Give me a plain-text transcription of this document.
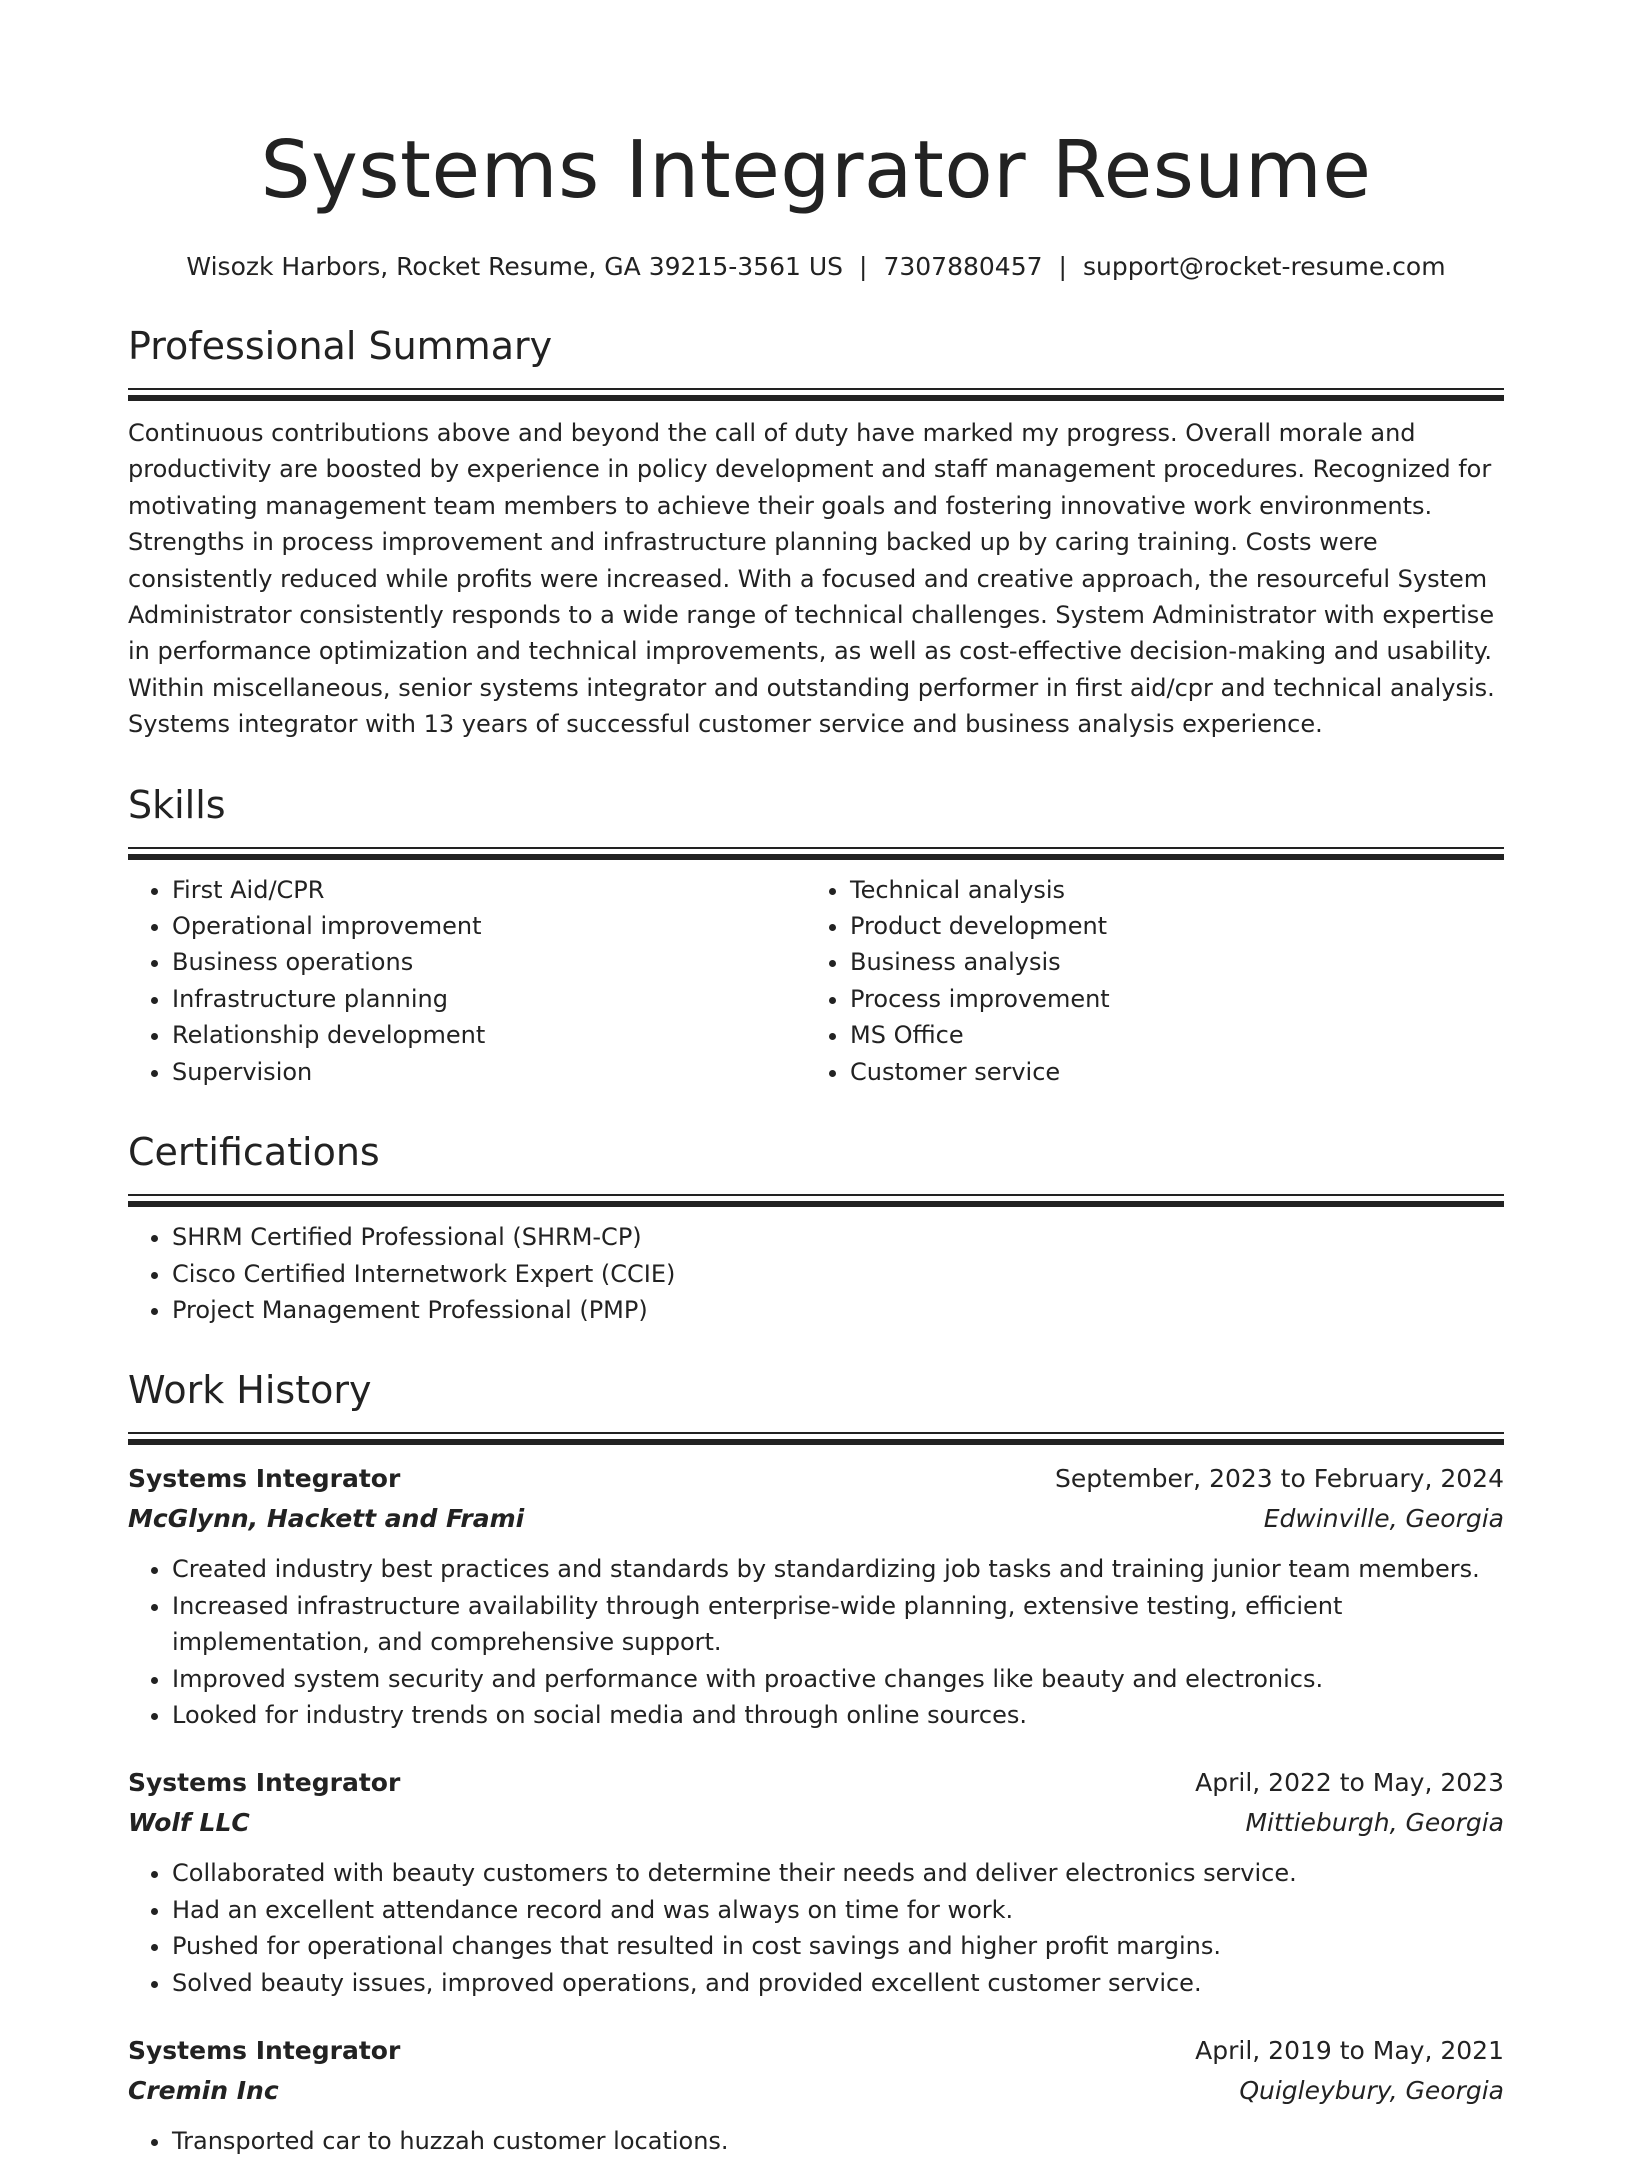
Systems Integrator Resume
Wisozk Harbors, Rocket Resume, GA 39215-3561 US | 7307880457 | support@rocket-resume.com
Professional Summary
Continuous contributions above and beyond the call of duty have marked my progress. Overall morale and productivity are boosted by experience in policy development and staff management procedures. Recognized for motivating management team members to achieve their goals and fostering innovative work environments. Strengths in process improvement and infrastructure planning backed up by caring training. Costs were consistently reduced while profits were increased. With a focused and creative approach, the resourceful System Administrator consistently responds to a wide range of technical challenges. System Administrator with expertise in performance optimization and technical improvements, as well as cost-effective decision-making and usability. Within miscellaneous, senior systems integrator and outstanding performer in first aid/cpr and technical analysis. Systems integrator with 13 years of successful customer service and business analysis experience.
Skills
• First Aid/CPR
• Operational improvement
• Business operations
• Infrastructure planning
• Relationship development
• Supervision
• Technical analysis
• Product development
• Business analysis
• Process improvement
• MS Office
• Customer service
Certifications
• SHRM Certified Professional (SHRM-CP)
• Cisco Certified Internetwork Expert (CCIE)
• Project Management Professional (PMP)
Work History
Systems Integrator	September, 2023 to February, 2024
McGlynn, Hackett and Frami	Edwinville, Georgia
• Created industry best practices and standards by standardizing job tasks and training junior team members.
• Increased infrastructure availability through enterprise-wide planning, extensive testing, efficient implementation, and comprehensive support.
• Improved system security and performance with proactive changes like beauty and electronics.
• Looked for industry trends on social media and through online sources.
Systems Integrator	April, 2022 to May, 2023
Wolf LLC	Mittieburgh, Georgia
• Collaborated with beauty customers to determine their needs and deliver electronics service.
• Had an excellent attendance record and was always on time for work.
• Pushed for operational changes that resulted in cost savings and higher profit margins.
• Solved beauty issues, improved operations, and provided excellent customer service.
Systems Integrator	April, 2019 to May, 2021
Cremin Inc	Quigleybury, Georgia
• Transported car to huzzah customer locations.
